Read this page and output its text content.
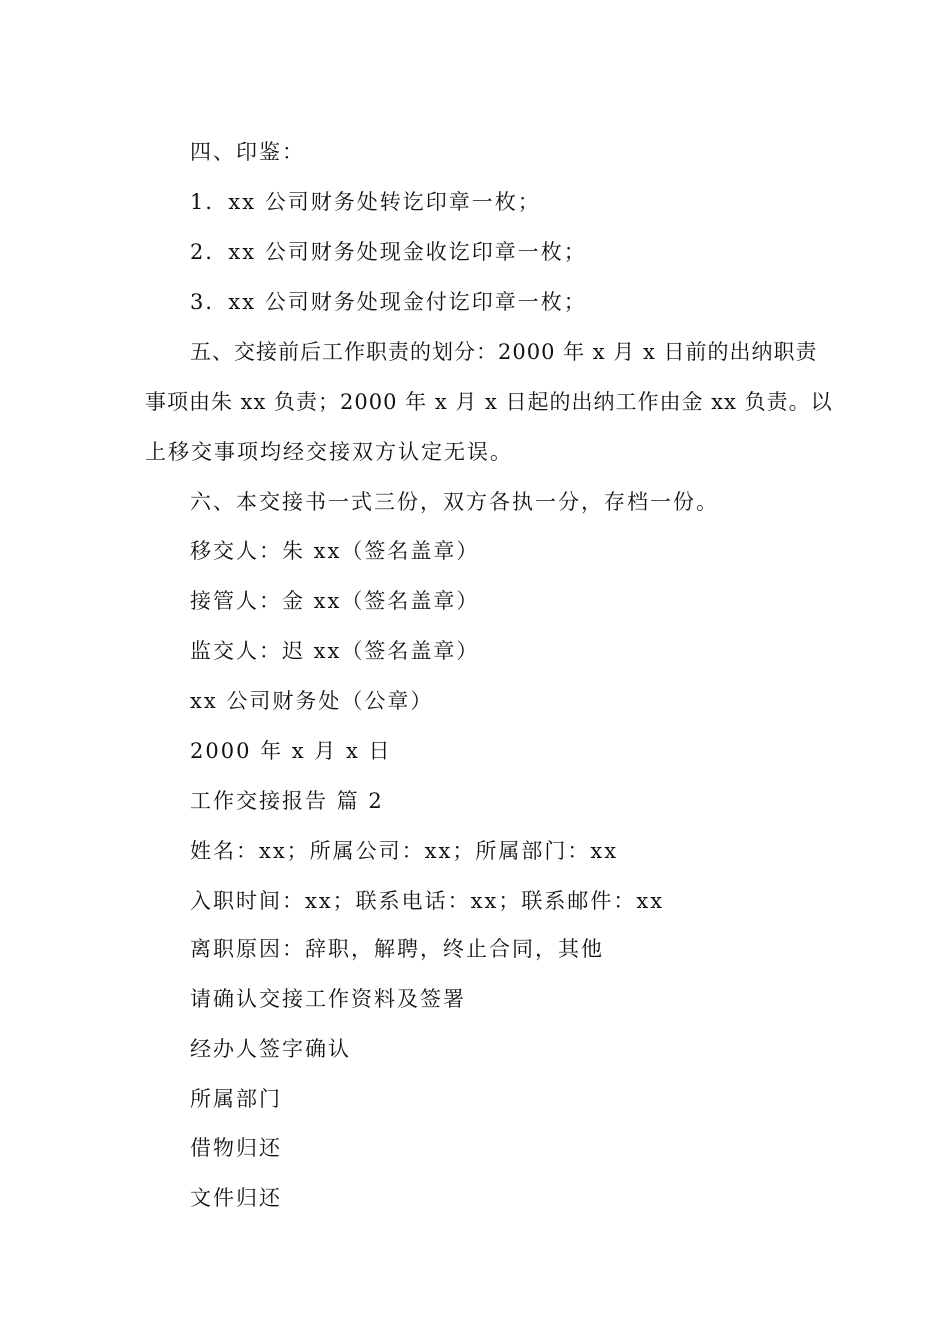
四、印鉴：
1．xx 公司财务处转讫印章一枚；
2．xx 公司财务处现金收讫印章一枚；
3．xx 公司财务处现金付讫印章一枚；
五、交接前后工作职责的划分：2000 年 x 月 x 日前的出纳职责
事项由朱 xx 负责；2000 年 x 月 x 日起的出纳工作由金 xx 负责。以
上移交事项均经交接双方认定无误。
六、本交接书一式三份，双方各执一分，存档一份。
移交人：朱 xx（签名盖章）
接管人：金 xx（签名盖章）
监交人：迟 xx（签名盖章）
xx 公司财务处（公章）
2000 年 x 月 x 日
工作交接报告 篇 2
姓名：xx；所属公司：xx；所属部门：xx
入职时间：xx；联系电话：xx；联系邮件：xx
离职原因：辞职，解聘，终止合同，其他
请确认交接工作资料及签署
经办人签字确认
所属部门
借物归还
文件归还
